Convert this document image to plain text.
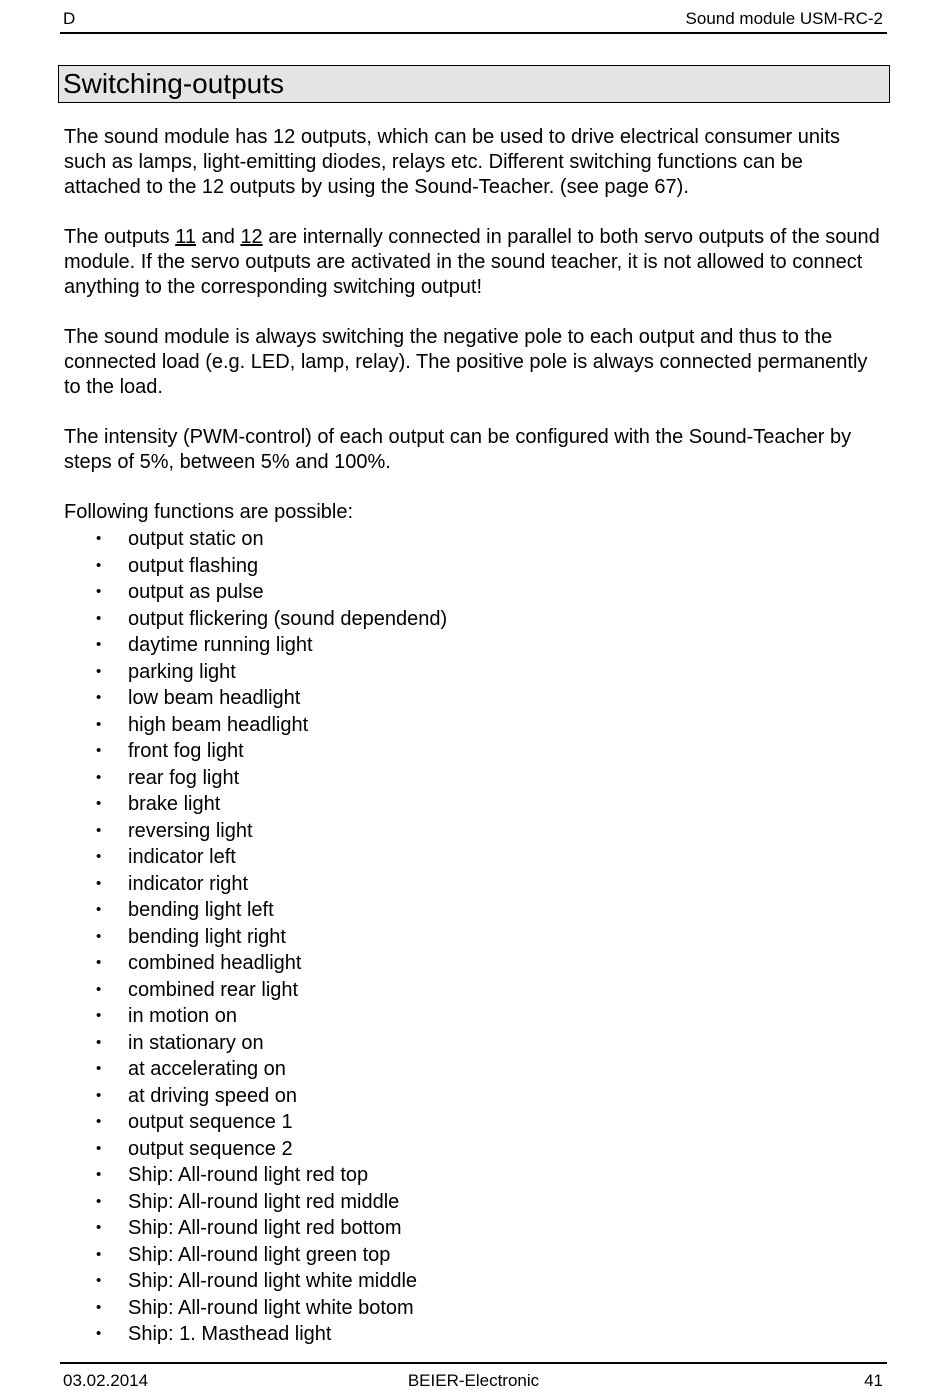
D	Sound module USM-RC-2
Switching-outputs

The sound module has 12 outputs, which can be used to drive electrical consumer units such as lamps, light-emitting diodes, relays etc. Different switching functions can be attached to the 12 outputs by using the Sound-Teacher. (see page 67).

The outputs 11 and 12 are internally connected in parallel to both servo outputs of the sound module. If the servo outputs are activated in the sound teacher, it is not allowed to connect anything to the corresponding switching output!

The sound module is always switching the negative pole to each output and thus to the connected load (e.g. LED, lamp, relay). The positive pole is always connected permanently to the load.

The intensity (PWM-control) of each output can be configured with the Sound-Teacher by steps of 5%, between 5% and 100%.

Following functions are possible:

• output static on
• output flashing
• output as pulse
• output flickering (sound dependend)
• daytime running light
• parking light
• low beam headlight
• high beam headlight
• front fog light
• rear fog light
• brake light
• reversing light
• indicator left
• indicator right
• bending light left
• bending light right
• combined headlight
• combined rear light
• in motion on
• in stationary on
• at accelerating on
• at driving speed on
• output sequence 1
• output sequence 2
• Ship: All-round light red top
• Ship: All-round light red middle
• Ship: All-round light red bottom
• Ship: All-round light green top
• Ship: All-round light white middle
• Ship: All-round light white botom
• Ship: 1. Masthead light
03.02.2014	BEIER-Electronic	41
